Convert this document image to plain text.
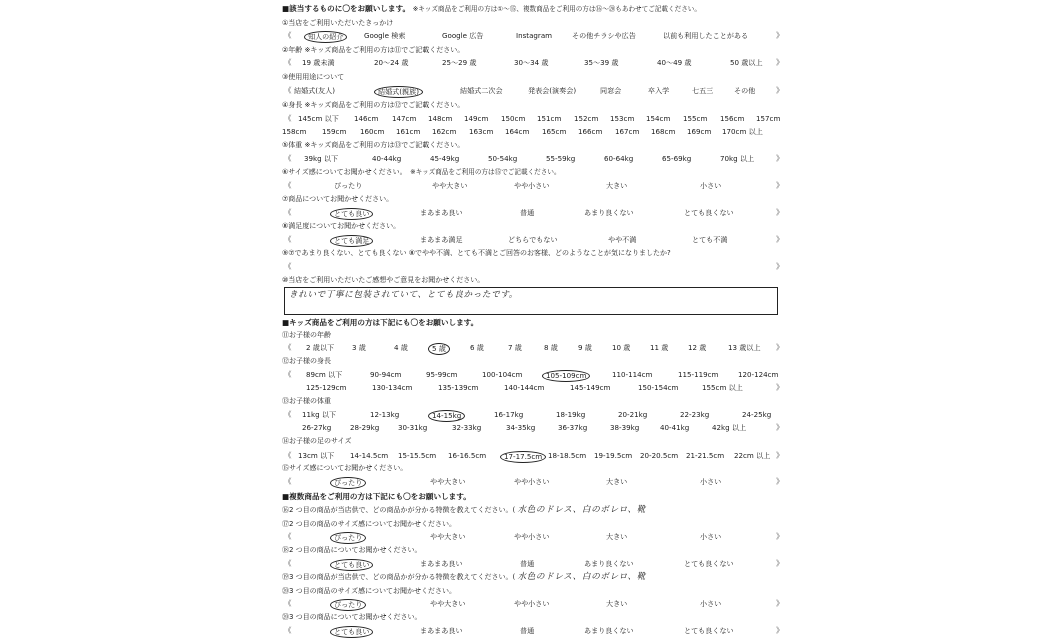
■該当するものに〇をお願いします。 ※キッズ商品をご利用の方は①〜⑮、複数商品をご利用の方は⑯〜⑳もあわせてご記載ください。
①当店をご利用いただいたきっかけ
《	知人の紹介	Google 検索	Google 広告	Instagram	その他チラシや広告	以前も利用したことがある	》
②年齢 ※キッズ商品をご利用の方は⑪でご記載ください。
《 19 歳未満	20〜24 歳	25〜29 歳	30〜34 歳	35〜39 歳	40〜49 歳	50 歳以上 》
③使用用途について
《 結婚式(友人)	結婚式(親族)	結婚式二次会	発表会(演奏会)	同窓会	卒入学	七五三	その他	》
④身長 ※キッズ商品をご利用の方は⑫でご記載ください。
《 145cm 以下 146cm 147cm 148cm 149cm 150cm 151cm 152cm 153cm 154cm 155cm 156cm 157cm
158cm 159cm 160cm 161cm 162cm 163cm 164cm 165cm 166cm 167cm 168cm 169cm 170cm 以上
⑤体重 ※キッズ商品をご利用の方は⑬でご記載ください。
《 39kg 以下	40-44kg	45-49kg	50-54kg	55-59kg	60-64kg	65-69kg	70kg 以上	》
⑥サイズ感についてお聞かせください。　 ※キッズ商品をご利用の方は⑮でご記載ください。
《	ぴったり	やや大きい	やや小さい	大きい	小さい	》
⑦商品についてお聞かせください。
《	とても良い	まあまあ良い	普通	あまり良くない	とても良くない	》
⑧満足度についてお聞かせください。
《	とても満足	まあまあ満足	どちらでもない	やや不満	とても不満	》
⑨⑦であまり良くない、とても良くない ⑧でやや不満、とても不満とご回答のお客様、どのようなことが気になりましたか?
《	》
⑩当店をご利用いただいたご感想やご意見をお聞かせください。
きれいで丁寧に包装されていて、とても良かったです。
■キッズ商品をご利用の方は下記にも〇をお願いします。
⑪お子様の年齢
《 2 歳以下	3 歳	4 歳	5 歳	6 歳	7 歳	8 歳	9 歳	10 歳	11 歳	12 歳	13 歳以上 》
⑫お子様の身長
《 89cm 以下	90-94cm	95-99cm	100-104cm	105-109cm	110-114cm	115-119cm	120-124cm
125-129cm	130-134cm	135-139cm	140-144cm	145-149cm	150-154cm	155cm 以上	》
⑬お子様の体重
《 11kg 以下	12-13kg	14-15kg	16-17kg	18-19kg	20-21kg	22-23kg	24-25kg
26-27kg	28-29kg	30-31kg	32-33kg	34-35kg	36-37kg	38-39kg	40-41kg	42kg 以上	》
⑭お子様の足のサイズ
《 13cm 以下 14-14.5cm 15-15.5cm 16-16.5cm	17-17.5cm 18-18.5cm 19-19.5cm 20-20.5cm 21-21.5cm 22cm 以上 》
⑮サイズ感についてお聞かせください。
《	ぴったり	やや大きい	やや小さい	大きい	小さい	》
■複数商品をご利用の方は下記にも〇をお願いします。
⑯2 つ目の商品が当店供で、どの商品かが分かる特徴を教えてください。( 水色のドレス、白のボレロ、靴
⑰2 つ目の商品のサイズ感についてお聞かせください。
《	ぴったり	やや大きい	やや小さい	大きい	小さい	》
⑱2 つ目の商品についてお聞かせください。
《	とても良い	まあまあ良い	普通	あまり良くない	とても良くない	》
⑲3 つ目の商品が当店供で、どの商品かが分かる特徴を教えてください。( 水色のドレス、白のボレロ、靴
⑳3 つ目の商品のサイズ感についてお聞かせください。
《	ぴったり	やや大きい	やや小さい	大きい	小さい	》
⑳3 つ目の商品についてお聞かせください。
《	とても良い	まあまあ良い	普通	あまり良くない	とても良くない	》
